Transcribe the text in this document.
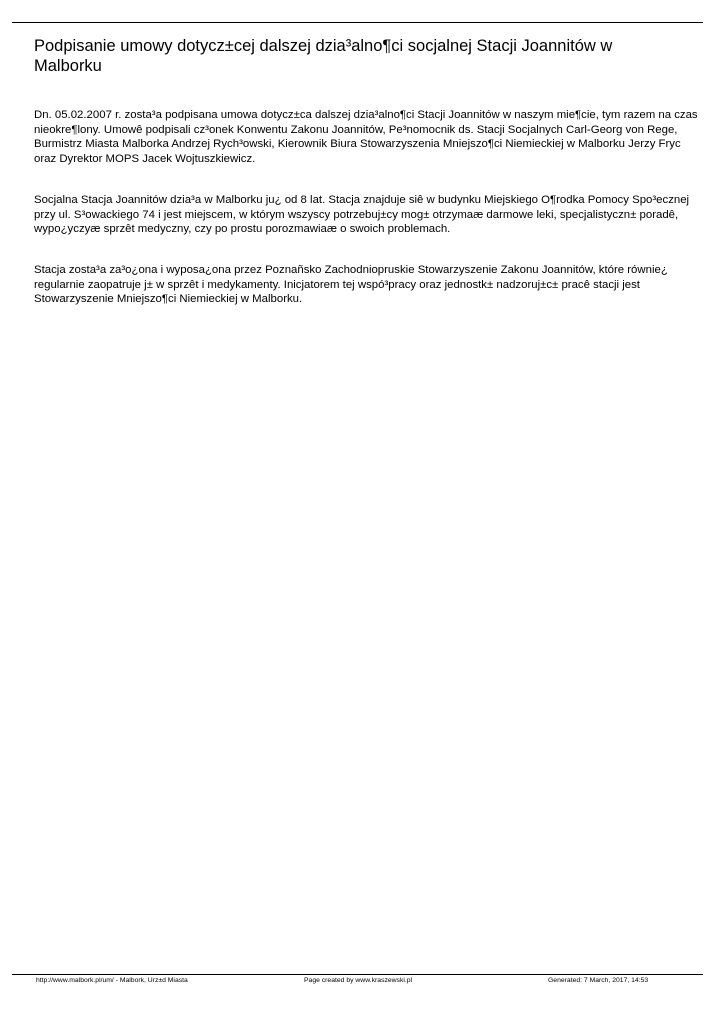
Podpisanie umowy dotycz±cej dalszej dzia³alno¶ci socjalnej Stacji Joannitów w Malborku

Dn. 05.02.2007 r. zosta³a podpisana umowa dotycz±ca dalszej dzia³alno¶ci Stacji Joannitów w naszym mie¶cie, tym razem na czas nieokre¶lony. Umowê podpisali cz³onek Konwentu Zakonu Joannitów, Pe³nomocnik ds. Stacji Socjalnych Carl-Georg von Rege, Burmistrz Miasta Malborka Andrzej Rych³owski, Kierownik Biura Stowarzyszenia Mniejszo¶ci Niemieckiej w Malborku Jerzy Fryc oraz Dyrektor MOPS Jacek Wojtuszkiewicz.

Socjalna Stacja Joannitów dzia³a w Malborku ju¿ od 8 lat. Stacja znajduje siê w budynku Miejskiego O¶rodka Pomocy Spo³ecznej przy ul. S³owackiego 74 i jest miejscem, w którym wszyscy potrzebuj±cy mog± otrzymaæ darmowe leki, specjalistyczn± poradê, wypo¿yczyæ sprzêt medyczny, czy po prostu porozmawiaæ o swoich problemach.

Stacja zosta³a za³o¿ona i wyposa¿ona przez Poznañsko Zachodniopruskie Stowarzyszenie Zakonu Joannitów, które równie¿ regularnie zaopatruje j± w sprzêt i medykamenty. Inicjatorem tej wspó³pracy oraz jednostk± nadzoruj±c± pracê stacji jest Stowarzyszenie Mniejszo¶ci Niemieckiej w Malborku.

http://www.malbork.pl/um/ - Malbork, Urz±d Miasta	Page created by www.kraszewski.pl	Generated: 7 March, 2017, 14:53
